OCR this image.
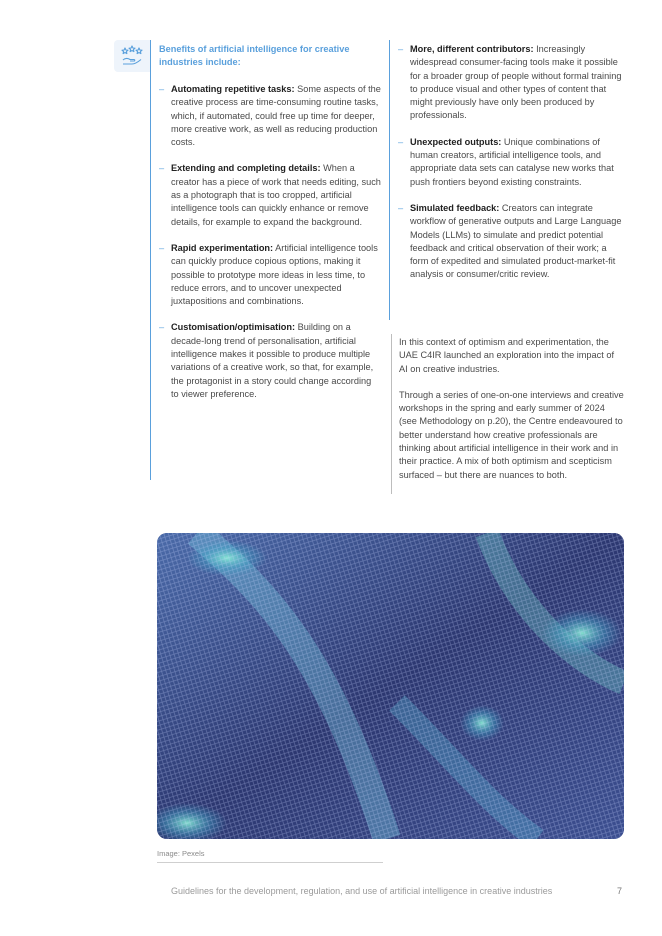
Benefits of artificial intelligence for creative industries include:
– Automating repetitive tasks: Some aspects of the creative process are time-consuming routine tasks, which, if automated, could free up time for deeper, more creative work, as well as reducing production costs.
– Extending and completing details: When a creator has a piece of work that needs editing, such as a photograph that is too cropped, artificial intelligence tools can quickly enhance or remove details, for example to expand the background.
– Rapid experimentation: Artificial intelligence tools can quickly produce copious options, making it possible to prototype more ideas in less time, to reduce errors, and to uncover unexpected juxtapositions and combinations.
– Customisation/optimisation: Building on a decade-long trend of personalisation, artificial intelligence makes it possible to produce multiple variations of a creative work, so that, for example, the protagonist in a story could change according to viewer preference.
– More, different contributors: Increasingly widespread consumer-facing tools make it possible for a broader group of people without formal training to produce visual and other types of content that might previously have only been produced by professionals.
– Unexpected outputs: Unique combinations of human creators, artificial intelligence tools, and appropriate data sets can catalyse new works that push frontiers beyond existing constraints.
– Simulated feedback: Creators can integrate workflow of generative outputs and Large Language Models (LLMs) to simulate and predict potential feedback and critical observation of their work; a form of expedited and simulated product-market-fit analysis or consumer/critic review.

In this context of optimism and experimentation, the UAE C4IR launched an exploration into the impact of AI on creative industries.

Through a series of one-on-one interviews and creative workshops in the spring and early summer of 2024 (see Methodology on p.20), the Centre endeavoured to better understand how creative professionals are thinking about artificial intelligence in their work and in their practice. A mix of both optimism and scepticism surfaced – but there are nuances to both.

Image: Pexels
Guidelines for the development, regulation, and use of artificial intelligence in creative industries	7
